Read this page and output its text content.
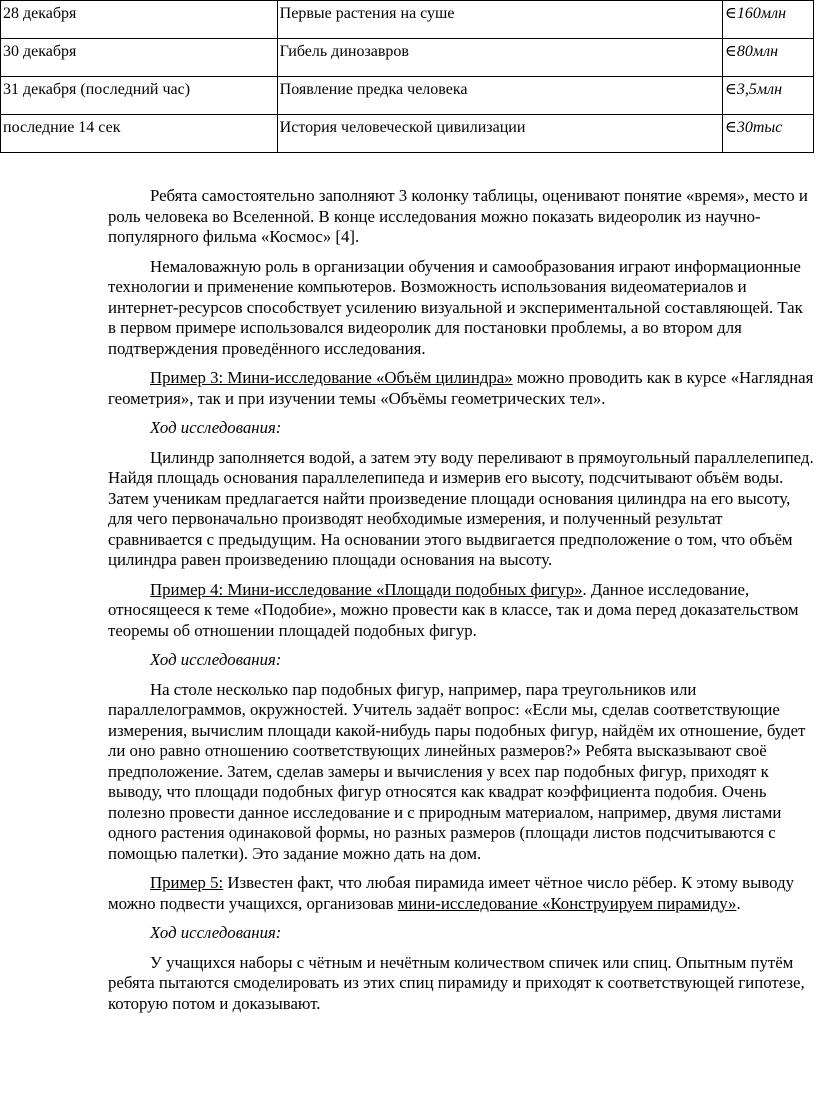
28 декабря	Первые растения на суше	∈160млн
30 декабря	Гибель динозавров	∈80млн
31 декабря (последний час)	Появление предка человека	∈3,5млн
последние 14 сек	История человеческой цивилизации	∈30тыс

Ребята самостоятельно заполняют 3 колонку таблицы, оценивают понятие «время», место и роль человека во Вселенной. В конце исследования можно показать видеоролик из научно-популярного фильма «Космос» [4].

Немаловажную роль в организации обучения и самообразования играют информационные технологии и применение компьютеров. Возможность использования видеоматериалов и интернет-ресурсов способствует усилению визуальной и экспериментальной составляющей. Так в первом примере использовался видеоролик для постановки проблемы, а во втором для подтверждения проведённого исследования.

Пример 3: Мини-исследование «Объём цилиндра» можно проводить как в курсе «Наглядная геометрия», так и при изучении темы «Объёмы геометрических тел».

Ход исследования:

Цилиндр заполняется водой, а затем эту воду переливают в прямоугольный параллелепипед. Найдя площадь основания параллелепипеда и измерив его высоту, подсчитывают объём воды. Затем ученикам предлагается найти произведение площади основания цилиндра на его высоту, для чего первоначально производят необходимые измерения, и полученный результат сравнивается с предыдущим. На основании этого выдвигается предположение о том, что объём цилиндра равен произведению площади основания на высоту.

Пример 4: Мини-исследование «Площади подобных фигур». Данное исследование, относящееся к теме «Подобие», можно провести как в классе, так и дома перед доказательством теоремы об отношении площадей подобных фигур.

Ход исследования:

На столе несколько пар подобных фигур, например, пара треугольников или параллелограммов, окружностей. Учитель задаёт вопрос: «Если мы, сделав соответствующие измерения, вычислим площади какой-нибудь пары подобных фигур, найдём их отношение, будет ли оно равно отношению соответствующих линейных размеров?» Ребята высказывают своё предположение. Затем, сделав замеры и вычисления у всех пар подобных фигур, приходят к выводу, что площади подобных фигур относятся как квадрат коэффициента подобия. Очень полезно провести данное исследование и с природным материалом, например, двумя листами одного растения одинаковой формы, но разных размеров (площади листов подсчитываются с помощью палетки). Это задание можно дать на дом.

Пример 5: Известен факт, что любая пирамида имеет чётное число рёбер. К этому выводу можно подвести учащихся, организовав мини-исследование «Конструируем пирамиду».

Ход исследования:

У учащихся наборы с чётным и нечётным количеством спичек или спиц. Опытным путём ребята пытаются смоделировать из этих спиц пирамиду и приходят к соответствующей гипотезе, которую потом и доказывают.
